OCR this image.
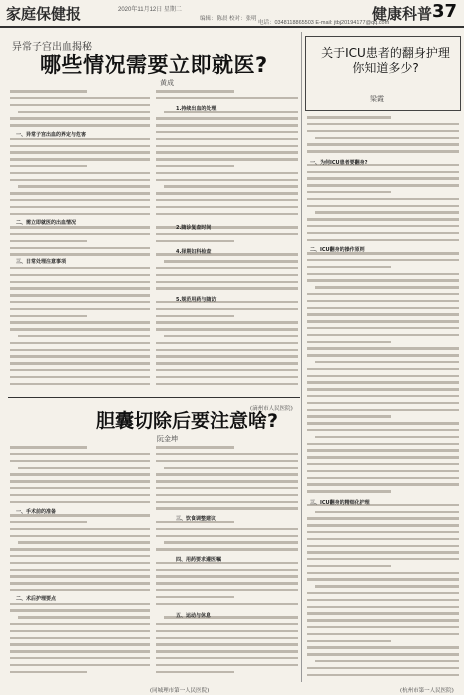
家庭保健报	2020年11月12日 星期二
编辑：陈晨 校对：张明
电话：0348118865503 E-mail: jtbj20194177@qq.com
健康科普 37
异常子宫出血揭秘
哪些情况需要立即就医?
黄成
一、异常子宫出血的界定与危害
二、需立即就医的出血情况
三、日常处理注意事项
1.持续出血的处理
2.随诊复查时间
4.择期妇科检查
5.规范用药与随访
(滴州市人民医院)
胆囊切除后要注意啥?
阮金坤
一、手术前的准备
二、术后护理要点
三、饮食调整建议
四、用药要求遵医嘱
五、运动与休息
(同城理市第一人民医院)
关于ICU患者的翻身护理你知道多少?
梁霞
一、为何ICU患者要翻身?
二、ICU翻身的操作原则
三、ICU翻身的精细化护理
(杭州市第一人民医院)
